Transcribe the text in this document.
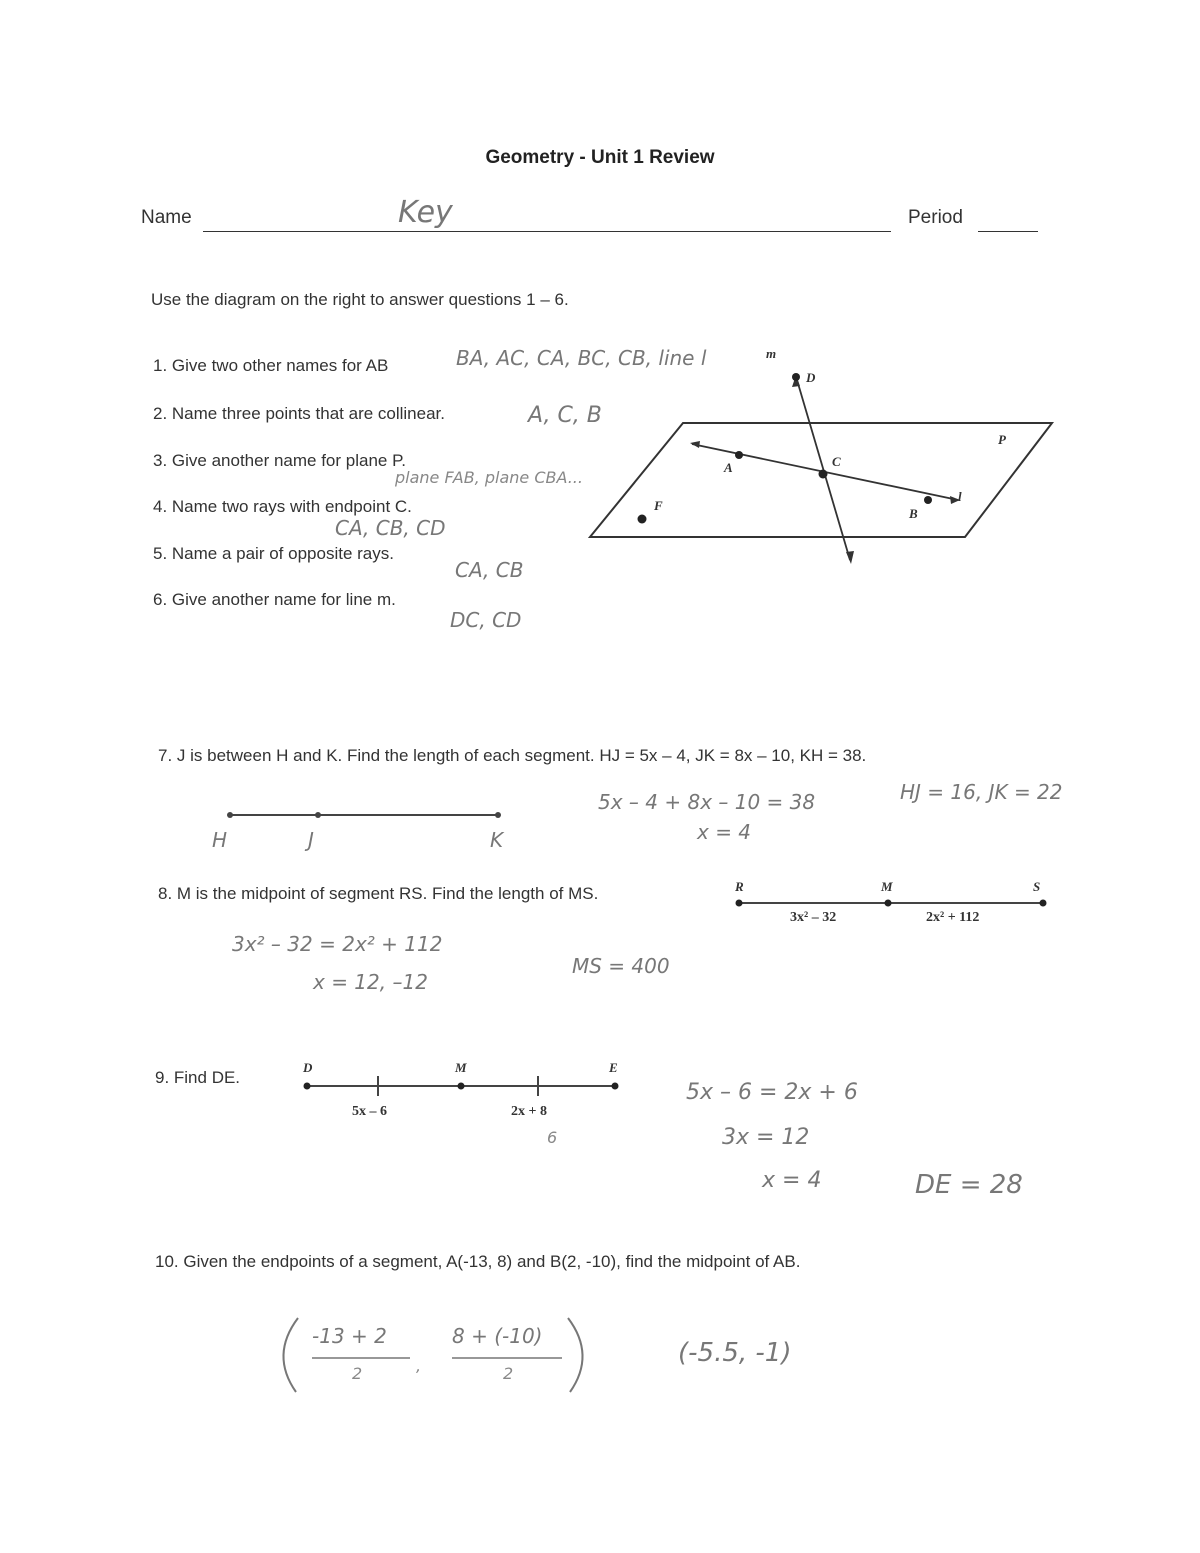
Geometry - Unit 1 Review
Name	Key	Period
Use the diagram on the right to answer questions 1 – 6.
1. Give two other names for AB	BA, AC, CA, BC, CB, line l
2. Name three points that are collinear.	A, C, B
3. Give another name for plane P.
plane FAB, plane CBA...
4. Name two rays with endpoint C.
CA, CB, CD
5. Name a pair of opposite rays.
CA, CB
6. Give another name for line m.
DC, CD
m
D
P
A	C
F
B
l
7. J is between H and K. Find the length of each segment. HJ = 5x – 4, JK = 8x – 10, KH = 38.
H	J	K
5x – 4 + 8x – 10 = 38
x = 4
HJ = 16, JK = 22
8. M is the midpoint of segment RS. Find the length of MS.	R	M	S
3x² – 32	2x² + 112
3x² – 32 = 2x² + 112
x = 12, –12
MS = 400
9. Find DE.
D	M	E
5x – 6	2x + 8
6
5x – 6 = 2x + 6
3x = 12
x = 4	DE = 28
10. Given the endpoints of a segment, A(-13, 8) and B(2, -10), find the midpoint of AB.
-13 + 2
2	,
8 + (-10)
2
(-5.5, -1)
